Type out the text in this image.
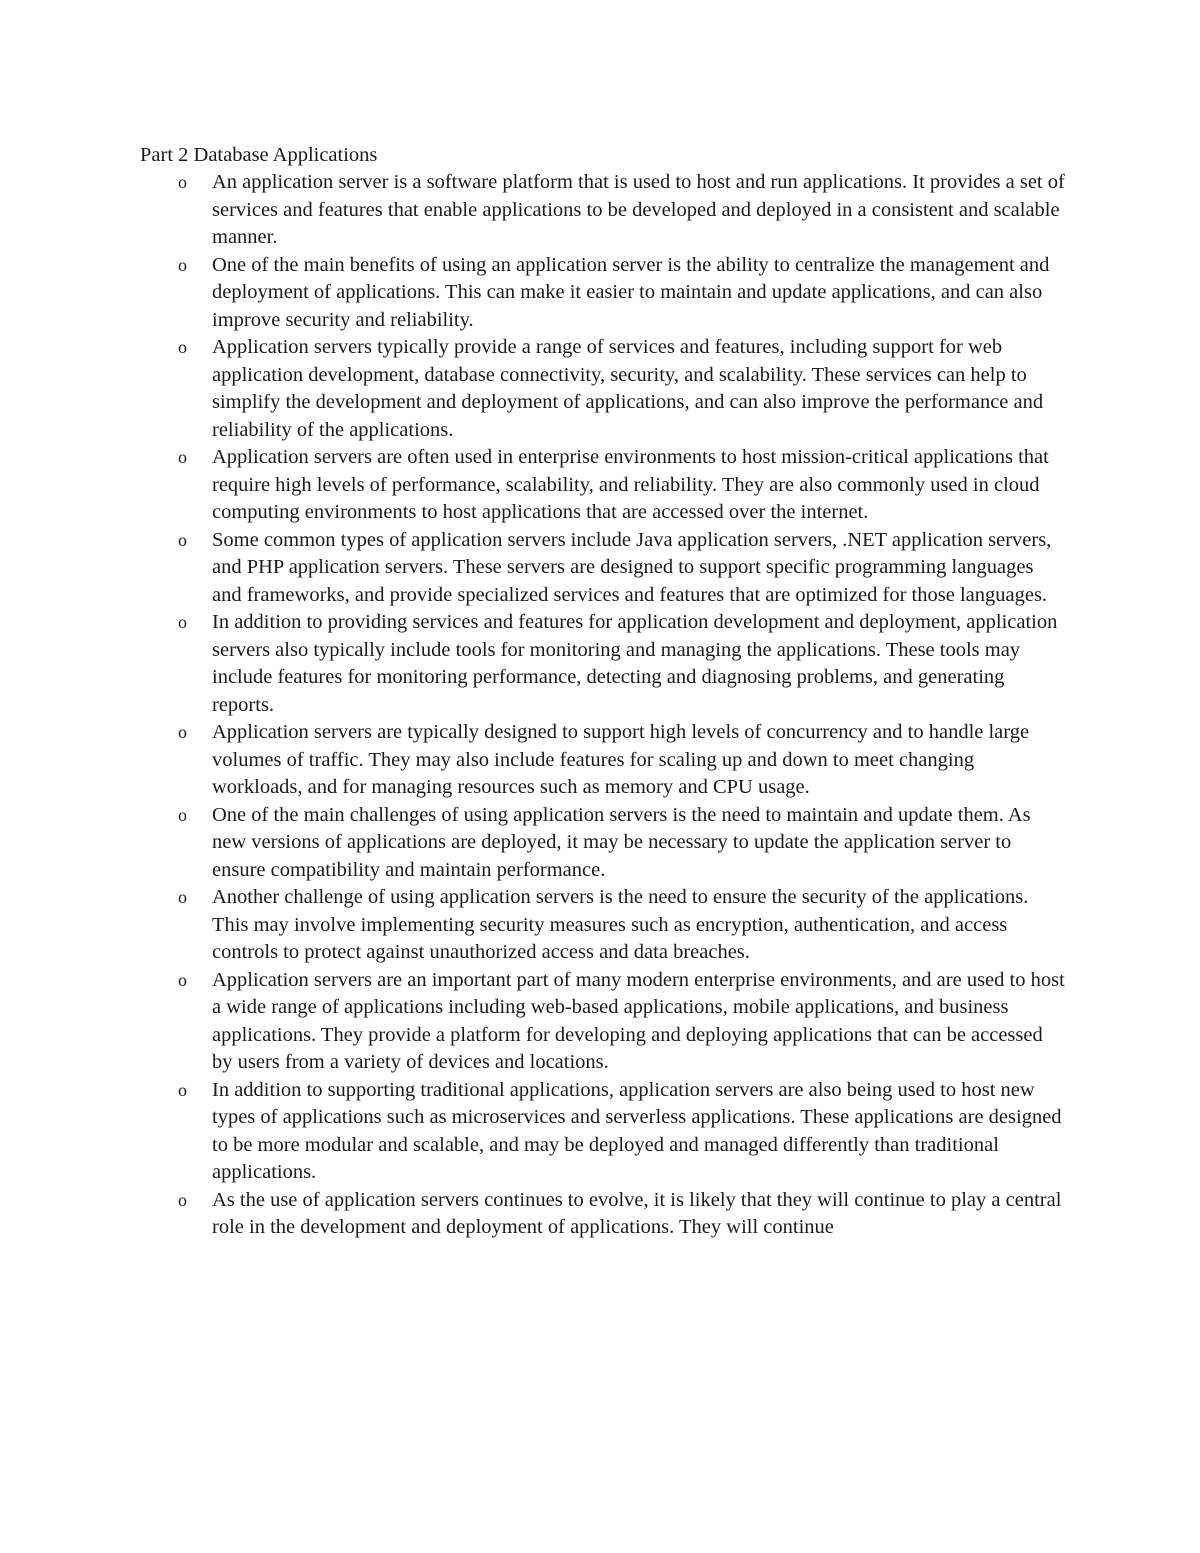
Part 2 Database Applications

o	An application server is a software platform that is used to host and run applications. It provides a set of services and features that enable applications to be developed and deployed in a consistent and scalable manner.
o	One of the main benefits of using an application server is the ability to centralize the management and deployment of applications. This can make it easier to maintain and update applications, and can also improve security and reliability.
o	Application servers typically provide a range of services and features, including support for web application development, database connectivity, security, and scalability. These services can help to simplify the development and deployment of applications, and can also improve the performance and reliability of the applications.
o	Application servers are often used in enterprise environments to host mission-critical applications that require high levels of performance, scalability, and reliability. They are also commonly used in cloud computing environments to host applications that are accessed over the internet.
o	Some common types of application servers include Java application servers, .NET application servers, and PHP application servers. These servers are designed to support specific programming languages and frameworks, and provide specialized services and features that are optimized for those languages.
o	In addition to providing services and features for application development and deployment, application servers also typically include tools for monitoring and managing the applications. These tools may include features for monitoring performance, detecting and diagnosing problems, and generating reports.
o	Application servers are typically designed to support high levels of concurrency and to handle large volumes of traffic. They may also include features for scaling up and down to meet changing workloads, and for managing resources such as memory and CPU usage.
o	One of the main challenges of using application servers is the need to maintain and update them. As new versions of applications are deployed, it may be necessary to update the application server to ensure compatibility and maintain performance.
o	Another challenge of using application servers is the need to ensure the security of the applications. This may involve implementing security measures such as encryption, authentication, and access controls to protect against unauthorized access and data breaches.
o	Application servers are an important part of many modern enterprise environments, and are used to host a wide range of applications including web-based applications, mobile applications, and business applications. They provide a platform for developing and deploying applications that can be accessed by users from a variety of devices and locations.
o	In addition to supporting traditional applications, application servers are also being used to host new types of applications such as microservices and serverless applications. These applications are designed to be more modular and scalable, and may be deployed and managed differently than traditional applications.
o	As the use of application servers continues to evolve, it is likely that they will continue to play a central role in the development and deployment of applications. They will continue
